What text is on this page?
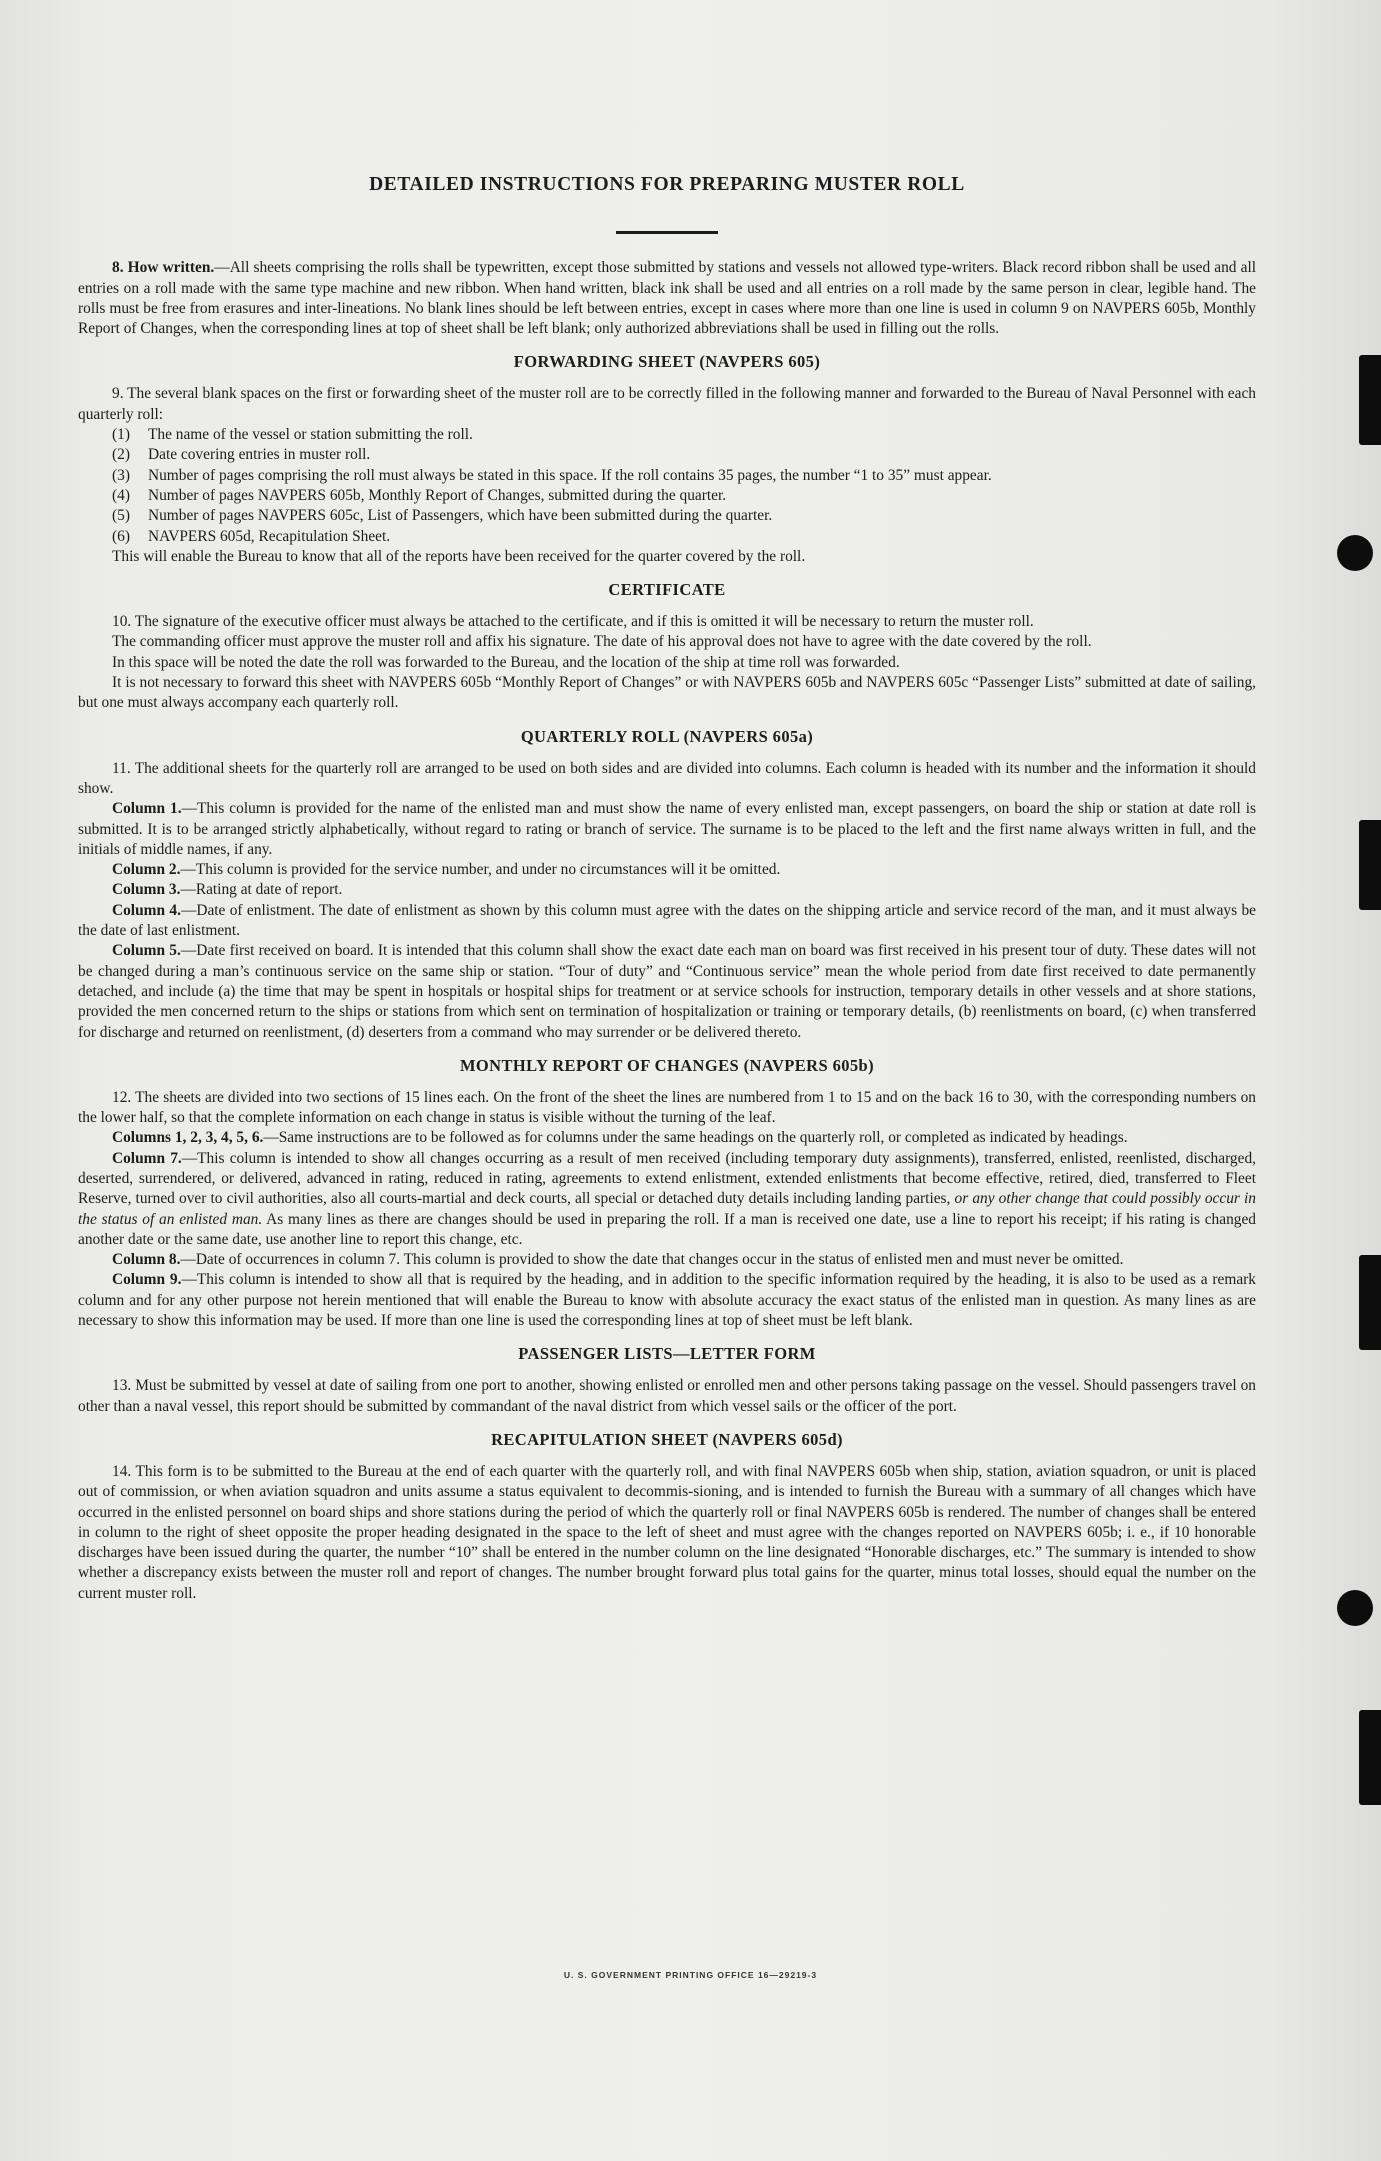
DETAILED INSTRUCTIONS FOR PREPARING MUSTER ROLL

8. How written.—All sheets comprising the rolls shall be typewritten, except those submitted by stations and vessels not allowed type-writers. Black record ribbon shall be used and all entries on a roll made with the same type machine and new ribbon. When hand written, black ink shall be used and all entries on a roll made by the same person in clear, legible hand. The rolls must be free from erasures and inter-lineations. No blank lines should be left between entries, except in cases where more than one line is used in column 9 on NAVPERS 605b, Monthly Report of Changes, when the corresponding lines at top of sheet shall be left blank; only authorized abbreviations shall be used in filling out the rolls.

FORWARDING SHEET (NAVPERS 605)

9. The several blank spaces on the first or forwarding sheet of the muster roll are to be correctly filled in the following manner and forwarded to the Bureau of Naval Personnel with each quarterly roll:

(1) The name of the vessel or station submitting the roll.
(2) Date covering entries in muster roll.
(3) Number of pages comprising the roll must always be stated in this space. If the roll contains 35 pages, the number “1 to 35” must appear.
(4) Number of pages NAVPERS 605b, Monthly Report of Changes, submitted during the quarter.
(5) Number of pages NAVPERS 605c, List of Passengers, which have been submitted during the quarter.
(6) NAVPERS 605d, Recapitulation Sheet.

This will enable the Bureau to know that all of the reports have been received for the quarter covered by the roll.

CERTIFICATE

10. The signature of the executive officer must always be attached to the certificate, and if this is omitted it will be necessary to return the muster roll.

The commanding officer must approve the muster roll and affix his signature. The date of his approval does not have to agree with the date covered by the roll.

In this space will be noted the date the roll was forwarded to the Bureau, and the location of the ship at time roll was forwarded.

It is not necessary to forward this sheet with NAVPERS 605b “Monthly Report of Changes” or with NAVPERS 605b and NAVPERS 605c “Passenger Lists” submitted at date of sailing, but one must always accompany each quarterly roll.

QUARTERLY ROLL (NAVPERS 605a)

11. The additional sheets for the quarterly roll are arranged to be used on both sides and are divided into columns. Each column is headed with its number and the information it should show.

Column 1.—This column is provided for the name of the enlisted man and must show the name of every enlisted man, except passengers, on board the ship or station at date roll is submitted. It is to be arranged strictly alphabetically, without regard to rating or branch of service. The surname is to be placed to the left and the first name always written in full, and the initials of middle names, if any.

Column 2.—This column is provided for the service number, and under no circumstances will it be omitted.

Column 3.—Rating at date of report.

Column 4.—Date of enlistment. The date of enlistment as shown by this column must agree with the dates on the shipping article and service record of the man, and it must always be the date of last enlistment.

Column 5.—Date first received on board. It is intended that this column shall show the exact date each man on board was first received in his present tour of duty. These dates will not be changed during a man’s continuous service on the same ship or station. “Tour of duty” and “Continuous service” mean the whole period from date first received to date permanently detached, and include (a) the time that may be spent in hospitals or hospital ships for treatment or at service schools for instruction, temporary details in other vessels and at shore stations, provided the men concerned return to the ships or stations from which sent on termination of hospitalization or training or temporary details, (b) reenlistments on board, (c) when transferred for discharge and returned on reenlistment, (d) deserters from a command who may surrender or be delivered thereto.

MONTHLY REPORT OF CHANGES (NAVPERS 605b)

12. The sheets are divided into two sections of 15 lines each. On the front of the sheet the lines are numbered from 1 to 15 and on the back 16 to 30, with the corresponding numbers on the lower half, so that the complete information on each change in status is visible without the turning of the leaf.

Columns 1, 2, 3, 4, 5, 6.—Same instructions are to be followed as for columns under the same headings on the quarterly roll, or completed as indicated by headings.

Column 7.—This column is intended to show all changes occurring as a result of men received (including temporary duty assignments), transferred, enlisted, reenlisted, discharged, deserted, surrendered, or delivered, advanced in rating, reduced in rating, agreements to extend enlistment, extended enlistments that become effective, retired, died, transferred to Fleet Reserve, turned over to civil authorities, also all courts-martial and deck courts, all special or detached duty details including landing parties, or any other change that could possibly occur in the status of an enlisted man. As many lines as there are changes should be used in preparing the roll. If a man is received one date, use a line to report his receipt; if his rating is changed another date or the same date, use another line to report this change, etc.

Column 8.—Date of occurrences in column 7. This column is provided to show the date that changes occur in the status of enlisted men and must never be omitted.

Column 9.—This column is intended to show all that is required by the heading, and in addition to the specific information required by the heading, it is also to be used as a remark column and for any other purpose not herein mentioned that will enable the Bureau to know with absolute accuracy the exact status of the enlisted man in question. As many lines as are necessary to show this information may be used. If more than one line is used the corresponding lines at top of sheet must be left blank.

PASSENGER LISTS—LETTER FORM

13. Must be submitted by vessel at date of sailing from one port to another, showing enlisted or enrolled men and other persons taking passage on the vessel. Should passengers travel on other than a naval vessel, this report should be submitted by commandant of the naval district from which vessel sails or the officer of the port.

RECAPITULATION SHEET (NAVPERS 605d)

14. This form is to be submitted to the Bureau at the end of each quarter with the quarterly roll, and with final NAVPERS 605b when ship, station, aviation squadron, or unit is placed out of commission, or when aviation squadron and units assume a status equivalent to decommis-sioning, and is intended to furnish the Bureau with a summary of all changes which have occurred in the enlisted personnel on board ships and shore stations during the period of which the quarterly roll or final NAVPERS 605b is rendered. The number of changes shall be entered in column to the right of sheet opposite the proper heading designated in the space to the left of sheet and must agree with the changes reported on NAVPERS 605b; i. e., if 10 honorable discharges have been issued during the quarter, the number “10” shall be entered in the number column on the line designated “Honorable discharges, etc.” The summary is intended to show whether a discrepancy exists between the muster roll and report of changes. The number brought forward plus total gains for the quarter, minus total losses, should equal the number on the current muster roll.

U. S. GOVERNMENT PRINTING OFFICE 16—29219-3
